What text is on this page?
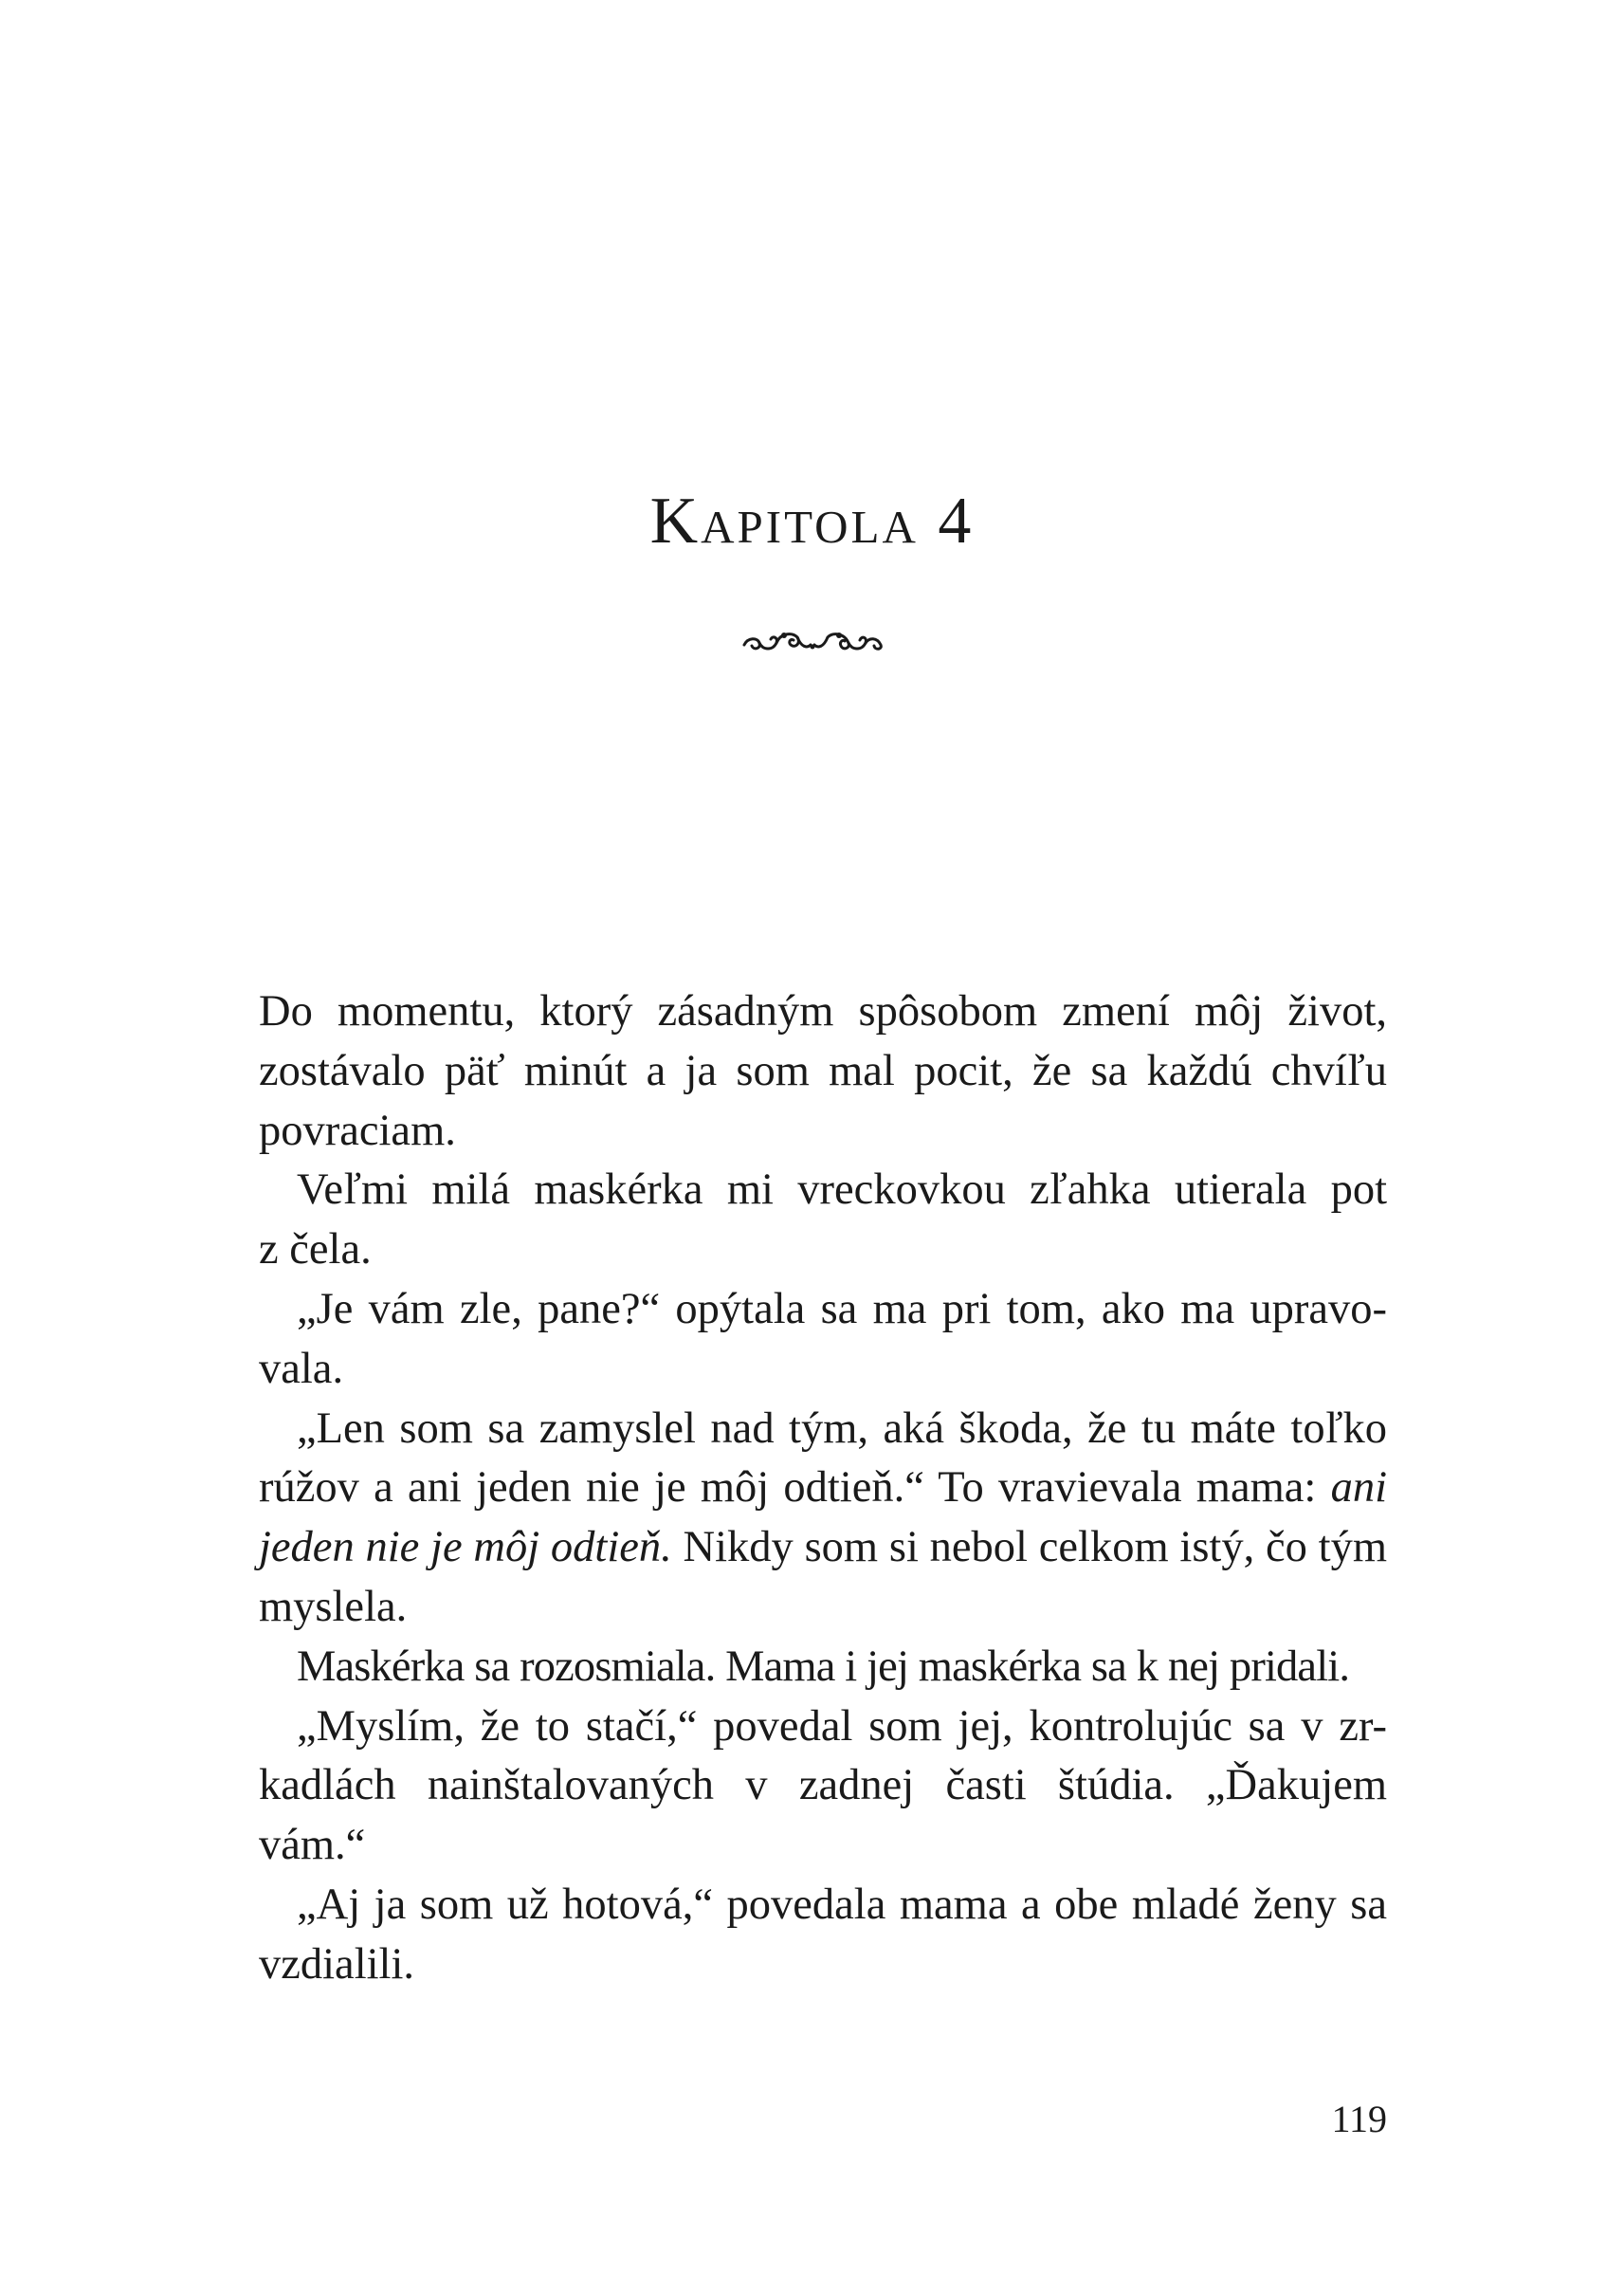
Kapitola 4
Do momentu, ktorý zásadným spôsobom zmení môj život,
zostávalo päť minút a ja som mal pocit, že sa každú chvíľu
povraciam.
Veľmi milá maskérka mi vreckovkou zľahka utierala pot
z čela.
„Je vám zle, pane?“ opýtala sa ma pri tom, ako ma upravo-
vala.
„Len som sa zamyslel nad tým, aká škoda, že tu máte toľko
rúžov a ani jeden nie je môj odtieň.“ To vravievala mama: ani
jeden nie je môj odtieň. Nikdy som si nebol celkom istý, čo tým
myslela.
Maskérka sa rozosmiala. Mama i jej maskérka sa k nej pridali.
„Myslím, že to stačí,“ povedal som jej, kontrolujúc sa v zr-
kadlách nainštalovaných v zadnej časti štúdia. „Ďakujem
vám.“
„Aj ja som už hotová,“ povedala mama a obe mladé ženy sa
vzdialili.
119
